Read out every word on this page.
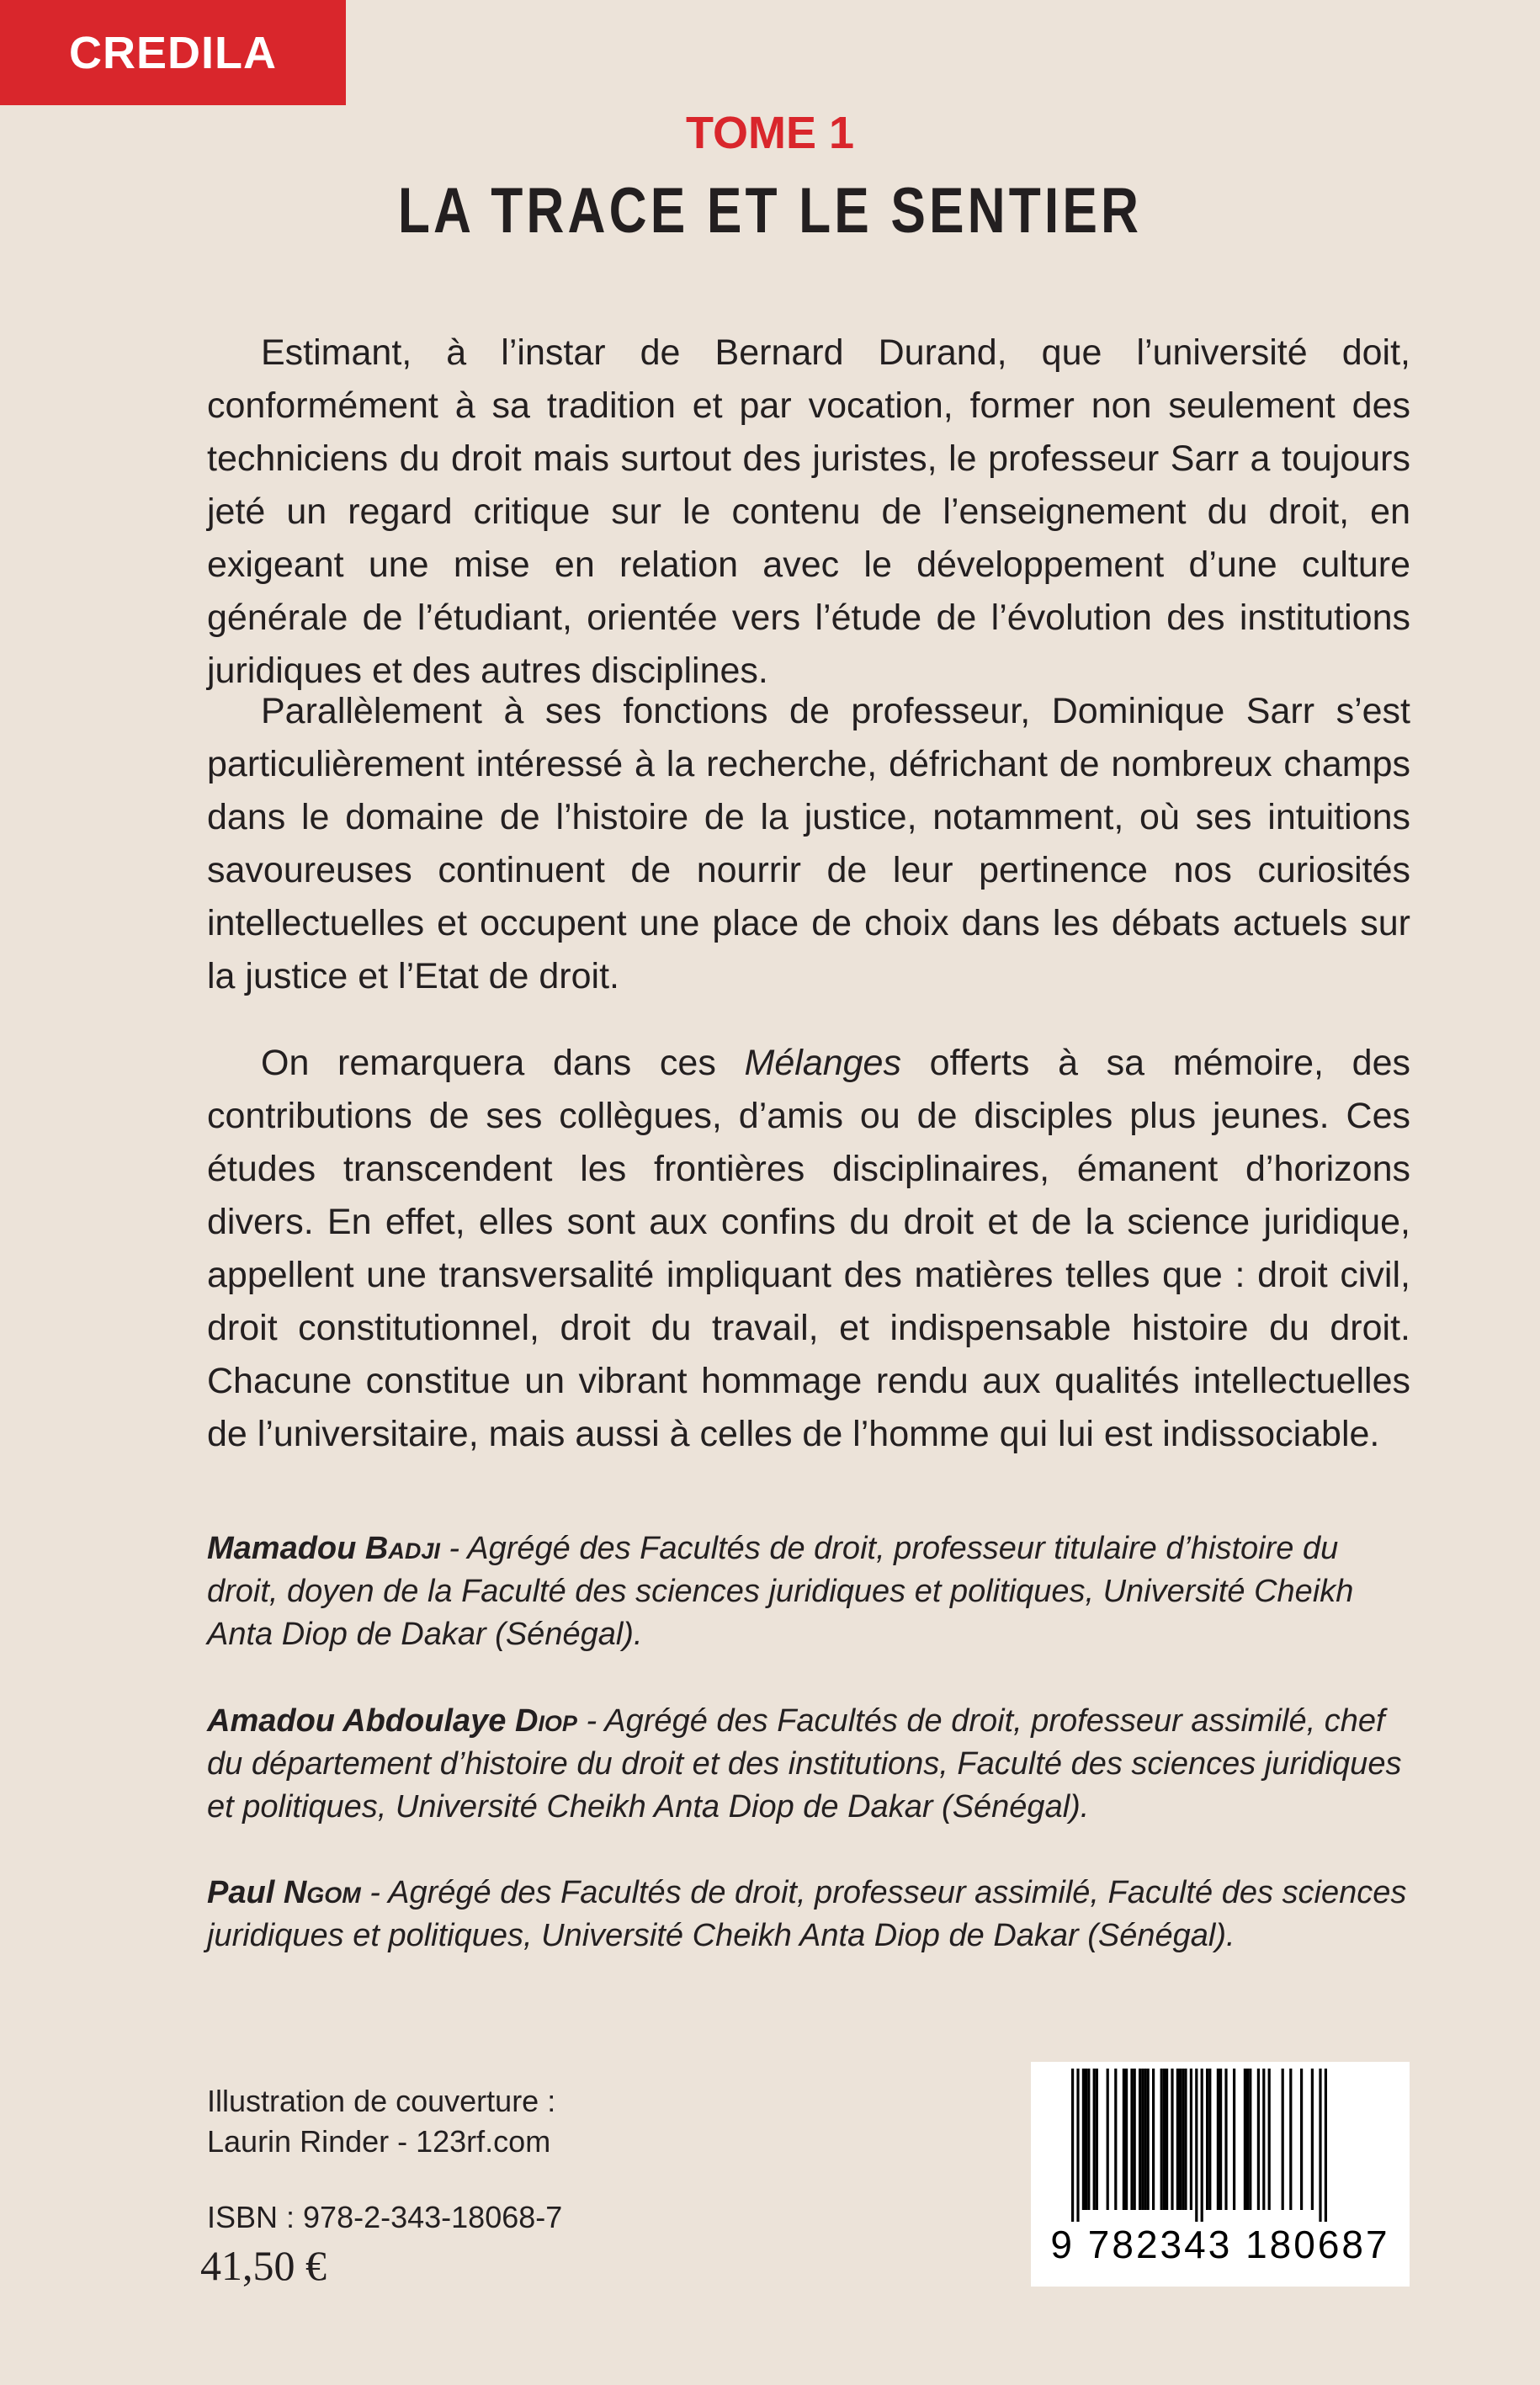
CREDILA
TOME 1
LA TRACE ET LE SENTIER

Estimant, à l’instar de Bernard Durand, que l’université doit, conformément à sa tradition et par vocation, former non seulement des techniciens du droit mais surtout des juristes, le professeur Sarr a toujours jeté un regard critique sur le contenu de l’enseignement du droit, en exigeant une mise en relation avec le développement d’une culture générale de l’étudiant, orientée vers l’étude de l’évolution des institutions juridiques et des autres disciplines.

Parallèlement à ses fonctions de professeur, Dominique Sarr s’est particulièrement intéressé à la recherche, défrichant de nombreux champs dans le domaine de l’histoire de la justice, notamment, où ses intuitions savoureuses continuent de nourrir de leur pertinence nos curiosités intellectuelles et occupent une place de choix dans les débats actuels sur la justice et l’Etat de droit.

On remarquera dans ces Mélanges offerts à sa mémoire, des contributions de ses collègues, d’amis ou de disciples plus jeunes. Ces études transcendent les frontières disciplinaires, émanent d’horizons divers. En effet, elles sont aux confins du droit et de la science juridique, appellent une transversalité impliquant des matières telles que : droit civil, droit constitutionnel, droit du travail, et indispensable histoire du droit. Chacune constitue un vibrant hommage rendu aux qualités intellectuelles de l’universitaire, mais aussi à celles de l’homme qui lui est indissociable.

Mamadou Badji - Agrégé des Facultés de droit, professeur titulaire d’histoire du droit, doyen de la Faculté des sciences juridiques et politiques, Université Cheikh Anta Diop de Dakar (Sénégal).
Amadou Abdoulaye Diop - Agrégé des Facultés de droit, professeur assimilé, chef du département d’histoire du droit et des institutions, Faculté des sciences juridiques et politiques, Université Cheikh Anta Diop de Dakar (Sénégal).
Paul Ngom - Agrégé des Facultés de droit, professeur assimilé, Faculté des sciences juridiques et politiques, Université Cheikh Anta Diop de Dakar (Sénégal).
Illustration de couverture :
Laurin Rinder - 123rf.com
ISBN : 978-2-343-18068-7
41,50 €	9 782343 180687
